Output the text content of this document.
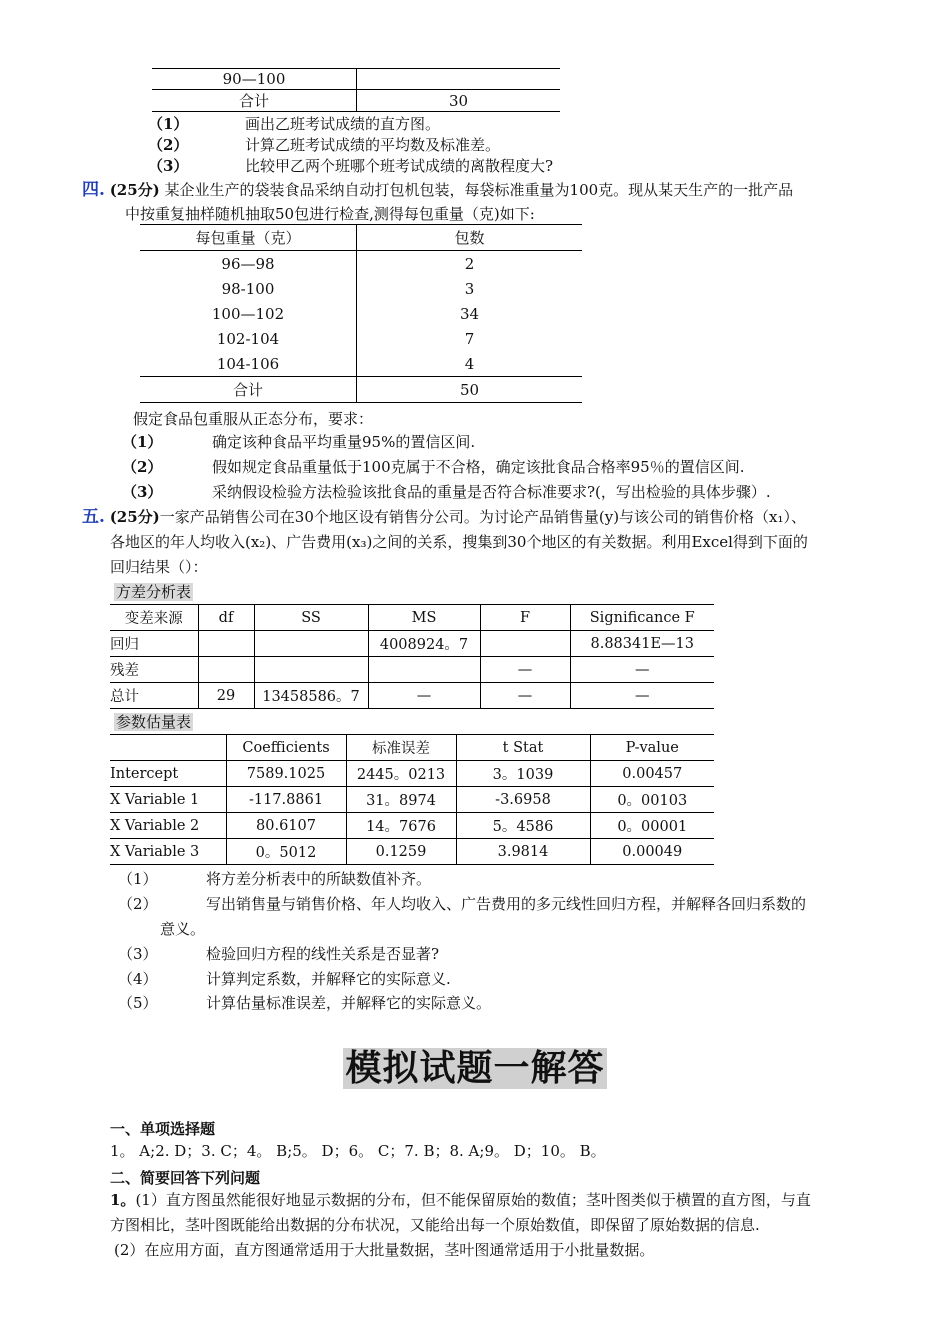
90—100	
合计	30
（1）	画出乙班考试成绩的直方图。
（2）	计算乙班考试成绩的平均数及标准差。
（3）	比较甲乙两个班哪个班考试成绩的离散程度大?
四. (25分) 某企业生产的袋装食品采纳自动打包机包装，每袋标准重量为100克。现从某天生产的一批产品
中按重复抽样随机抽取50包进行检查,测得每包重量（克)如下:
每包重量（克）	包数
96—98	2
98-100	3
100—102	34
102-104	7
104-106	4
合计	50
假定食品包重服从正态分布，要求：
（1）	确定该种食品平均重量95%的置信区间.
（2）	假如规定食品重量低于100克属于不合格，确定该批食品合格率95％的置信区间.
（3）	采纳假设检验方法检验该批食品的重量是否符合标准要求?(，写出检验的具体步骤）.
五. (25分)一家产品销售公司在30个地区设有销售分公司。为讨论产品销售量(y)与该公司的销售价格（x₁）、
各地区的年人均收入(x₂)、广告费用(x₃)之间的关系，搜集到30个地区的有关数据。利用Excel得到下面的
回归结果（）：
方差分析表
变差来源	df	SS	MS	F	Significance F
回归			4008924。7		8.88341E—13
残差				—	—
总计	29	13458586。7	—	—	—
参数估量表
	Coefficients	标准误差	t Stat	P-value
Intercept	7589.1025	2445。0213	3。1039	0.00457
X Variable 1	-117.8861	31。8974	-3.6958	0。00103
X Variable 2	80.6107	14。7676	5。4586	0。00001
X Variable 3	0。5012	0.1259	3.9814	0.00049
（1）	将方差分析表中的所缺数值补齐。
（2）	写出销售量与销售价格、年人均收入、广告费用的多元线性回归方程，并解释各回归系数的
意义。
（3）	检验回归方程的线性关系是否显著?
（4）	计算判定系数，并解释它的实际意义.
（5）	计算估量标准误差，并解释它的实际意义。
模拟试题一解答
一、单项选择题
1。 A;2. D；3. C；4。 B;5。 D；6。 C；7. B；8. A;9。 D；10。 B。
二、简要回答下列问题
1。(1）直方图虽然能很好地显示数据的分布，但不能保留原始的数值；茎叶图类似于横置的直方图，与直
方图相比，茎叶图既能给出数据的分布状况，又能给出每一个原始数值，即保留了原始数据的信息.
(2）在应用方面，直方图通常适用于大批量数据，茎叶图通常适用于小批量数据。
